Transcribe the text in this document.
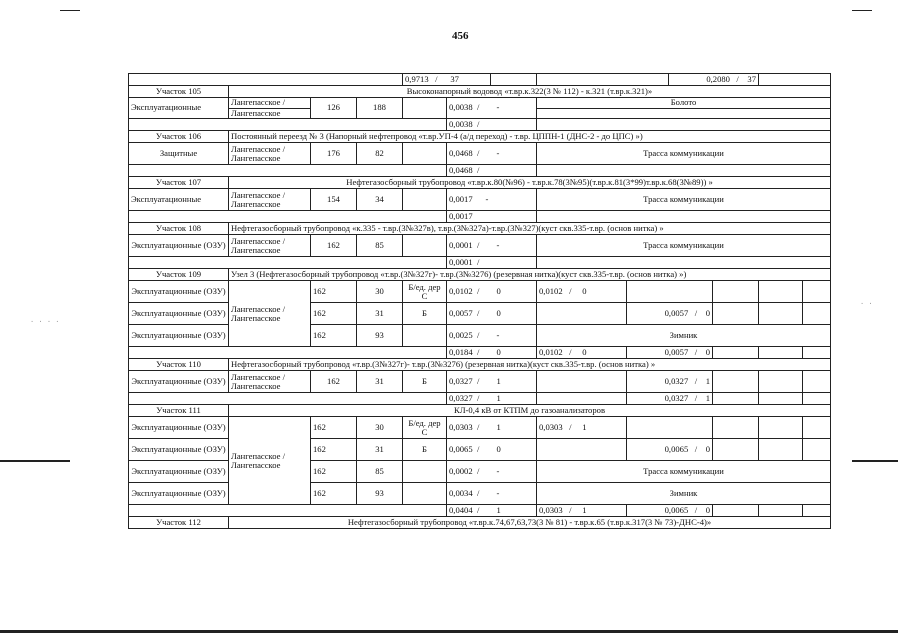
· · · ·
· ·
456
				0,9713   /      37					0,2080   /    37			
Участок 105	Высоконапорный водовод «т.вр.к.322(3 № 112) - к.321 (т.вр.к.321)»											
Эксплуатационные	Лангепасское /	126	188		0,0038 / -		Болото					
	Лангепасское											
					0,0038 /							
Участок 106	Постоянный переезд № 3 (Напорный нефтепровод «т.вр.УП-4 (а/д переход) - т.вр. ЦППН-1 (ДНС-2 - до ЦПС) »)											
Защитные	Лангепасское / Лангепасское	176	82		0,0468 / -		Трасса коммуникации					
					0,0468 /							
Участок 107	Нефтегазосборный трубопровод «т.вр.к.80(№96) - т.вр.к.78(3№95)(т.вр.к.81(3*99)т.вр.к.68(3№89)) »											
Эксплуатационные	Лангепасское / Лангепасское	154	34		0,0017 -		Трасса коммуникации					
					0,0017							
Участок 108	Нефтегазосборный трубопровод «к.335 - т.вр.(3№327в), т.вр.(3№327а)-т.вр.(3№327)(куст скв.335-т.вр. (основ нитка) »											
Эксплуатационные (ОЗУ)	Лангепасское / Лангепасское	162	85		0,0001 / -		Трасса коммуникации					
					0,0001 /							
Участок 109	Узел 3 (Нефтегазосборный трубопровод «т.вр.(3№327г)- т.вр.(3№3276) (резервная нитка)(куст скв.335-т.вр. (основ нитка) »)											
Эксплуатационные (ОЗУ)	Лангепасское / Лангепасское	162	30	Б/ед. дер С	0,0102 / 0		0,0102 / 0					
Эксплуатационные (ОЗУ)		162	31	Б	0,0057 / 0			0,0057 / 0				
Эксплуатационные (ОЗУ)		162	93		0,0025 / -		Зимник					
					0,0184 / 0		0,0102 / 0	0,0057 / 0				
Участок 110	Нефтегазосборный трубопровод «т.вр.(3№327г)- т.вр.(3№3276) (резервная нитка)(куст скв.335-т.вр. (основ нитка) »											
Эксплуатационные (ОЗУ)	Лангепасское / Лангепасское	162	31	Б	0,0327 / 1			0,0327 / 1				
					0,0327 / 1			0,0327 / 1				
Участок 111	КЛ-0,4 кВ от КТПМ до газоанализаторов											
Эксплуатационные (ОЗУ)	Лангепасское / Лангепасское	162	30	Б/ед. дер С	0,0303 / 1		0,0303 / 1					
Эксплуатационные (ОЗУ)		162	31	Б	0,0065 / 0			0,0065 / 0				
Эксплуатационные (ОЗУ)		162	85		0,0002 / -		Трасса коммуникации					
Эксплуатационные (ОЗУ)		162	93		0,0034 / -		Зимник					
					0,0404 / 1		0,0303 / 1	0,0065 / 0				
Участок 112	Нефтегазосборный трубопровод «т.вр.к.74,67,63,73(3 № 81) - т.вр.к.65 (т.вр.к.317(3 № 73)-ДНС-4)»											
